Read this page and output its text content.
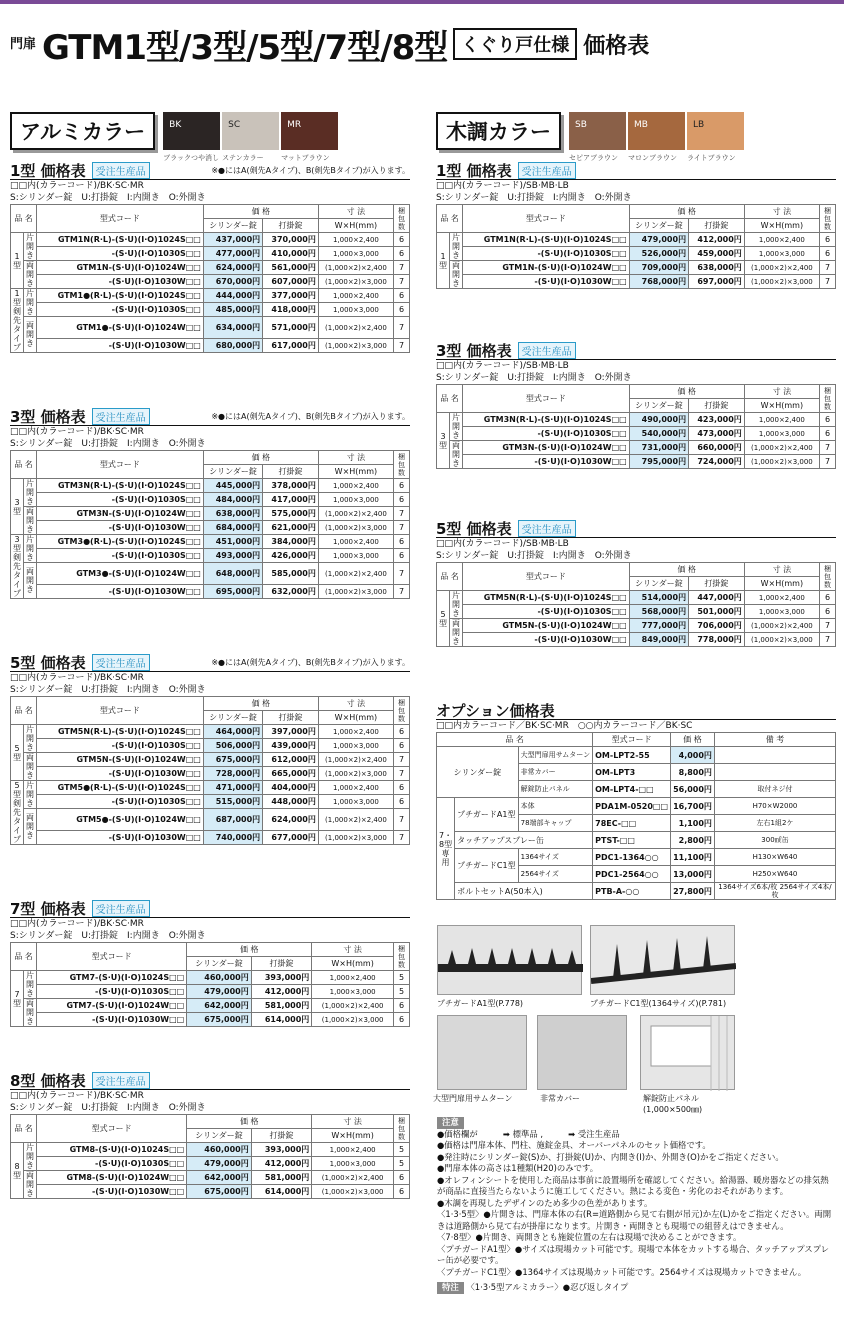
門扉 GTM1型/3型/5型/7型/8型 くぐり戸仕様 価格表
アルミカラー	BK
ブラックつや消し
SC
ステンカラー
MR
マットブラウン
木調カラー	SB
セピアブラウン
MB
マロンブラウン
LB
ライトブラウン
オプション価格表
□□内カラーコード／BK·SC·MR　○○内カラーコード／BK·SC
品 名			型式コード	価 格	備 考
シリンダー錠		大型門扉用サムターン	OM-LPT2-55	4,000円	
		非常カバー	OM-LPT3	8,800円	
		解錠防止パネル	OM-LPT4-□□	56,000円	取付ネジ付
7・8型専用	プチガードA1型	本体	PDA1M-0520□□	16,700円	H70×W2000
		78端部キャップ	78EC-□□	1,100円	左右1組2ケ
	タッチアップスプレー缶		PTST-□□	2,800円	300㎖缶
	プチガードC1型	1364サイズ	PDC1-1364○○	11,100円	H130×W640
		2564サイズ	PDC1-2564○○	13,000円	H250×W640
	ボルトセットA(50本入)		PTB-A-○○	27,800円	1364サイズ6本/枚 2564サイズ4本/枚
プチガードA1型(P.778)	プチガードC1型(1364サイズ)(P.781)
大型門扉用サムターン	非常カバー	解錠防止パネル
(1,000×500㎜)
注意
●価格欄が　　　➡ 標準品 ,　　　➡ 受注生産品
●価格は門扉本体、門柱、施錠金具、オーバーパネルのセット価格です。
●発注時にシリンダー錠(S)か、打掛錠(U)か、内開き(I)か、外開き(O)かをご指定ください。
●門扉本体の高さは1種類(H20)のみです。
●オレフィンシートを使用した商品は事前に設置場所を確認してください。給湯器、暖房器などの排気熱が商品に直接当たらないように施工してください。熱による変色・劣化のおそれがあります。
●木調を再現したデザインのため多少の色差があります。
〈1·3·5型〉●片開きは、門扉本体の右(R=道路側から見て右側が吊元)か左(L)かをご指定ください。両開きは道路側から見て右が掛扉になります。片開き・両開きとも現場での組替えはできません。
〈7·8型〉●片開き、両開きとも施錠位置の左右は現場で決めることができます。
〈プチガードA1型〉●サイズは現場カット可能です。現場で本体をカットする場合、タッチアップスプレー缶が必要です。
〈プチガードC1型〉●1364サイズは現場カット可能です。2564サイズは現場カットできません。
特注 〈1·3·5型アルミカラー〉●忍び返しタイプ
1型 価格表	受注生産品	※●にはA(剣先Aタイプ)、B(剣先Bタイプ)が入ります。
□□内(カラーコード)/BK·SC·MR
S:シリンダー錠　U:打掛錠　I:内開き　O:外開き
品 名		型式コード	価 格		寸 法	梱包数
			シリンダー錠	打掛錠	W×H(mm)	
1型	片開き	GTM1N(R·L)-(S·U)(I·O)1024S□□	437,000円	370,000円	1,000×2,400	6
		-(S·U)(I·O)1030S□□	477,000円	410,000円	1,000×3,000	6
	両開き	GTM1N-(S·U)(I·O)1024W□□	624,000円	561,000円	(1,000×2)×2,400	7
		-(S·U)(I·O)1030W□□	670,000円	607,000円	(1,000×2)×3,000	7
1型剣先タイプ	片開き	GTM1●(R·L)-(S·U)(I·O)1024S□□	444,000円	377,000円	1,000×2,400	6
		-(S·U)(I·O)1030S□□	485,000円	418,000円	1,000×3,000	6
	両開き	GTM1●-(S·U)(I·O)1024W□□	634,000円	571,000円	(1,000×2)×2,400	7
		-(S·U)(I·O)1030W□□	680,000円	617,000円	(1,000×2)×3,000	7
3型 価格表	受注生産品	※●にはA(剣先Aタイプ)、B(剣先Bタイプ)が入ります。
□□内(カラーコード)/BK·SC·MR
S:シリンダー錠　U:打掛錠　I:内開き　O:外開き
品 名		型式コード	価 格		寸 法	梱包数
			シリンダー錠	打掛錠	W×H(mm)	
3型	片開き	GTM3N(R·L)-(S·U)(I·O)1024S□□	445,000円	378,000円	1,000×2,400	6
		-(S·U)(I·O)1030S□□	484,000円	417,000円	1,000×3,000	6
	両開き	GTM3N-(S·U)(I·O)1024W□□	638,000円	575,000円	(1,000×2)×2,400	7
		-(S·U)(I·O)1030W□□	684,000円	621,000円	(1,000×2)×3,000	7
3型剣先タイプ	片開き	GTM3●(R·L)-(S·U)(I·O)1024S□□	451,000円	384,000円	1,000×2,400	6
		-(S·U)(I·O)1030S□□	493,000円	426,000円	1,000×3,000	6
	両開き	GTM3●-(S·U)(I·O)1024W□□	648,000円	585,000円	(1,000×2)×2,400	7
		-(S·U)(I·O)1030W□□	695,000円	632,000円	(1,000×2)×3,000	7
5型 価格表	受注生産品	※●にはA(剣先Aタイプ)、B(剣先Bタイプ)が入ります。
□□内(カラーコード)/BK·SC·MR
S:シリンダー錠　U:打掛錠　I:内開き　O:外開き
品 名		型式コード	価 格		寸 法	梱包数
			シリンダー錠	打掛錠	W×H(mm)	
5型	片開き	GTM5N(R·L)-(S·U)(I·O)1024S□□	464,000円	397,000円	1,000×2,400	6
		-(S·U)(I·O)1030S□□	506,000円	439,000円	1,000×3,000	6
	両開き	GTM5N-(S·U)(I·O)1024W□□	675,000円	612,000円	(1,000×2)×2,400	7
		-(S·U)(I·O)1030W□□	728,000円	665,000円	(1,000×2)×3,000	7
5型剣先タイプ	片開き	GTM5●(R·L)-(S·U)(I·O)1024S□□	471,000円	404,000円	1,000×2,400	6
		-(S·U)(I·O)1030S□□	515,000円	448,000円	1,000×3,000	6
	両開き	GTM5●-(S·U)(I·O)1024W□□	687,000円	624,000円	(1,000×2)×2,400	7
		-(S·U)(I·O)1030W□□	740,000円	677,000円	(1,000×2)×3,000	7
7型 価格表	受注生産品
□□内(カラーコード)/BK·SC·MR
S:シリンダー錠　U:打掛錠　I:内開き　O:外開き
品 名		型式コード	価 格		寸 法	梱包数
			シリンダー錠	打掛錠	W×H(mm)	
7型	片開き	GTM7-(S·U)(I·O)1024S□□	460,000円	393,000円	1,000×2,400	5
		-(S·U)(I·O)1030S□□	479,000円	412,000円	1,000×3,000	5
	両開き	GTM7-(S·U)(I·O)1024W□□	642,000円	581,000円	(1,000×2)×2,400	6
		-(S·U)(I·O)1030W□□	675,000円	614,000円	(1,000×2)×3,000	6
8型 価格表	受注生産品
□□内(カラーコード)/BK·SC·MR
S:シリンダー錠　U:打掛錠　I:内開き　O:外開き
品 名		型式コード	価 格		寸 法	梱包数
			シリンダー錠	打掛錠	W×H(mm)	
8型	片開き	GTM8-(S·U)(I·O)1024S□□	460,000円	393,000円	1,000×2,400	5
		-(S·U)(I·O)1030S□□	479,000円	412,000円	1,000×3,000	5
	両開き	GTM8-(S·U)(I·O)1024W□□	642,000円	581,000円	(1,000×2)×2,400	6
		-(S·U)(I·O)1030W□□	675,000円	614,000円	(1,000×2)×3,000	6
1型 価格表	受注生産品
□□内(カラーコード)/SB·MB·LB
S:シリンダー錠　U:打掛錠　I:内開き　O:外開き
品 名		型式コード	価 格		寸 法	梱包数
			シリンダー錠	打掛錠	W×H(mm)	
1型	片開き	GTM1N(R·L)-(S·U)(I·O)1024S□□	479,000円	412,000円	1,000×2,400	6
		-(S·U)(I·O)1030S□□	526,000円	459,000円	1,000×3,000	6
	両開き	GTM1N-(S·U)(I·O)1024W□□	709,000円	638,000円	(1,000×2)×2,400	7
		-(S·U)(I·O)1030W□□	768,000円	697,000円	(1,000×2)×3,000	7
3型 価格表	受注生産品
□□内(カラーコード)/SB·MB·LB
S:シリンダー錠　U:打掛錠　I:内開き　O:外開き
品 名		型式コード	価 格		寸 法	梱包数
			シリンダー錠	打掛錠	W×H(mm)	
3型	片開き	GTM3N(R·L)-(S·U)(I·O)1024S□□	490,000円	423,000円	1,000×2,400	6
		-(S·U)(I·O)1030S□□	540,000円	473,000円	1,000×3,000	6
	両開き	GTM3N-(S·U)(I·O)1024W□□	731,000円	660,000円	(1,000×2)×2,400	7
		-(S·U)(I·O)1030W□□	795,000円	724,000円	(1,000×2)×3,000	7
5型 価格表	受注生産品
□□内(カラーコード)/SB·MB·LB
S:シリンダー錠　U:打掛錠　I:内開き　O:外開き
品 名		型式コード	価 格		寸 法	梱包数
			シリンダー錠	打掛錠	W×H(mm)	
5型	片開き	GTM5N(R·L)-(S·U)(I·O)1024S□□	514,000円	447,000円	1,000×2,400	6
		-(S·U)(I·O)1030S□□	568,000円	501,000円	1,000×3,000	6
	両開き	GTM5N-(S·U)(I·O)1024W□□	777,000円	706,000円	(1,000×2)×2,400	7
		-(S·U)(I·O)1030W□□	849,000円	778,000円	(1,000×2)×3,000	7
